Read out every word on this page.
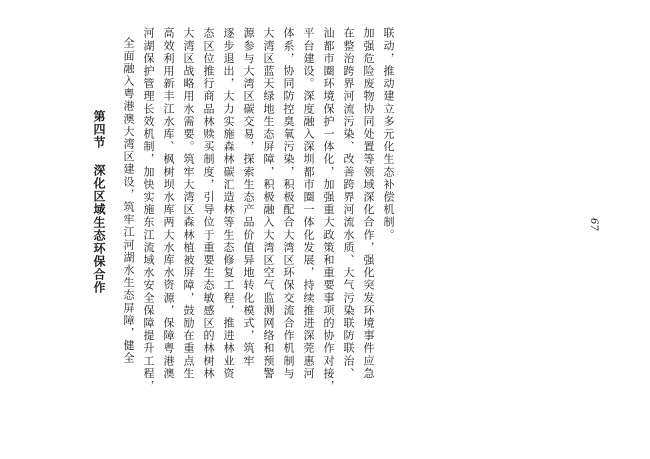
第四节 深化区域生态环保合作 全面融入粤港澳大湾区建设，筑牢江河湖水生态屏障，健全 河湖保护管理长效机制，加快实施东江流域水安全保障提升工程， 高效利用新丰江水库、枫树坝水库两大水库水资源，保障粤港澳 大湾区战略用水需要。筑牢大湾区森林植被屏障，鼓励在重点生 态区位推行商品林赎买制度，引导位于重要生态敏感区的林树林 逐步退出，大力实施森林碳汇造林等生态修复工程，推进林业资 源参与大湾区碳交易，探索生态产品价值异地转化模式，筑牢 大湾区蓝天绿地生态屏障，积极融入大湾区空气监测网络和预警 体系，协同防控臭氧污染，积极配合大湾区环保交流合作机制与 平台建设。深度融入深圳都市圈一体化发展，持续推进深莞惠河 汕都市圈环境保护一体化，加强重大政策和重要事项的协作对接， 在整治跨界河流污染、改善跨界河流水质、大气污染联防联治、 加强危险废物协同处置等领域深化合作，强化突发环境事件应急 联动，推动建立多元化生态补偿机制。	67
